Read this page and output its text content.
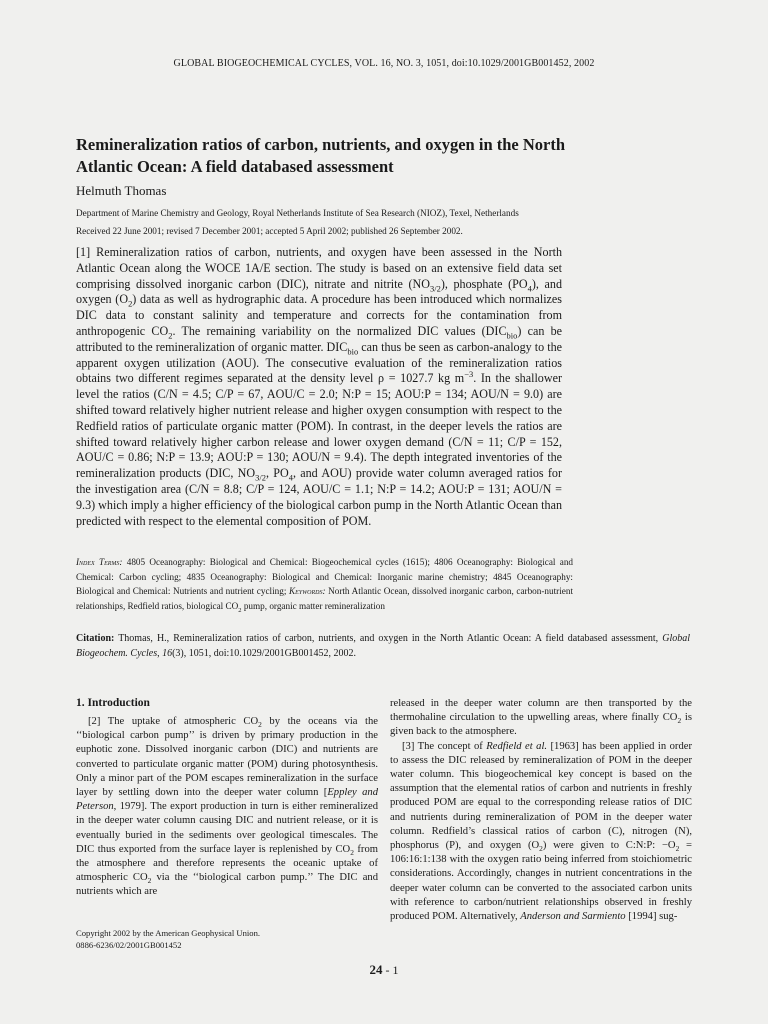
GLOBAL BIOGEOCHEMICAL CYCLES, VOL. 16, NO. 3, 1051, doi:10.1029/2001GB001452, 2002
Remineralization ratios of carbon, nutrients, and oxygen in the North Atlantic Ocean: A field databased assessment

Helmuth Thomas

Department of Marine Chemistry and Geology, Royal Netherlands Institute of Sea Research (NIOZ), Texel, Netherlands

Received 22 June 2001; revised 7 December 2001; accepted 5 April 2002; published 26 September 2002.

[1] Remineralization ratios of carbon, nutrients, and oxygen have been assessed in the North Atlantic Ocean along the WOCE 1A/E section. The study is based on an extensive field data set comprising dissolved inorganic carbon (DIC), nitrate and nitrite $(NO_{3/2})$, phosphate $(PO_4)$, and oxygen $(O_2)$ data as well as hydrographic data. A procedure has been introduced which normalizes DIC data to constant salinity and temperature and corrects for the contamination from anthropogenic $CO_2$. The remaining variability on the normalized DIC values $(DIC_{bio})$ can be attributed to the remineralization of organic matter. $DIC_{bio}$ can thus be seen as carbon-analogy to the apparent oxygen utilization (AOU). The consecutive evaluation of the remineralization ratios obtains two different regimes separated at the density level ρ = 1027.7 kg $m^{-3}$. In the shallower level the ratios (C/N = 4.5; C/P = 67, AOU/C = 2.0; N:P = 15; AOU:P = 134; AOU/N = 9.0) are shifted toward relatively higher nutrient release and higher oxygen consumption with respect to the Redfield ratios of particulate organic matter (POM). In contrast, in the deeper levels the ratios are shifted toward relatively higher carbon release and lower oxygen demand (C/N = 11; C/P = 152, AOU/C = 0.86; N:P = 13.9; AOU:P = 130; AOU/N = 9.4). The depth integrated inventories of the remineralization products (DIC, $NO_{3/2}$, $PO_4$, and AOU) provide water column averaged ratios for the investigation area (C/N = 8.8; C/P = 124, AOU/C = 1.1; N:P = 14.2; AOU:P = 131; AOU/N = 9.3) which imply a higher efficiency of the biological carbon pump in the North Atlantic Ocean than predicted with respect to the elemental composition of POM.

Index Terms: 4805 Oceanography: Biological and Chemical: Biogeochemical cycles (1615); 4806 Oceanography: Biological and Chemical: Carbon cycling; 4835 Oceanography: Biological and Chemical: Inorganic marine chemistry; 4845 Oceanography: Biological and Chemical: Nutrients and nutrient cycling; Keywords: North Atlantic Ocean, dissolved inorganic carbon, carbon-nutrient relationships, Redfield ratios, biological $CO_2$ pump, organic matter remineralization

Citation: Thomas, H., Remineralization ratios of carbon, nutrients, and oxygen in the North Atlantic Ocean: A field databased assessment, Global Biogeochem. Cycles, 16(3), 1051, doi:10.1029/2001GB001452, 2002.

1. Introduction

[2] The uptake of atmospheric $CO_2$ by the oceans via the ‘‘biological carbon pump’’ is driven by primary production in the euphotic zone. Dissolved inorganic carbon (DIC) and nutrients are converted to particulate organic matter (POM) during photosynthesis. Only a minor part of the POM escapes remineralization in the surface layer by settling down into the deeper water column [Eppley and Peterson, 1979]. The export production in turn is either remineralized in the deeper water column causing DIC and nutrient release, or it is eventually buried in the sediments over geological timescales. The DIC thus exported from the surface layer is replenished by $CO_2$ from the atmosphere and therefore represents the oceanic uptake of atmospheric $CO_2$ via the ‘‘biological carbon pump.’’ The DIC and nutrients which are

released in the deeper water column are then transported by the thermohaline circulation to the upwelling areas, where finally $CO_2$ is given back to the atmosphere.

[3] The concept of Redfield et al. [1963] has been applied in order to assess the DIC released by remineralization of POM in the deeper water column. This biogeochemical key concept is based on the assumption that the elemental ratios of carbon and nutrients in freshly produced POM are equal to the corresponding release ratios of DIC and nutrients during remineralization of POM in the deeper water column. Redfield’s classical ratios of carbon (C), nitrogen (N), phosphorus (P), and oxygen $(O_2)$ were given to C:N:P: $-O_2$ = 106:16:1:138 with the oxygen ratio being inferred from stoichiometric considerations. Accordingly, changes in nutrient concentrations in the deeper water column can be converted to the associated carbon units with reference to carbon/nutrient relationships observed in freshly produced POM. Alternatively, Anderson and Sarmiento [1994] sug-

Copyright 2002 by the American Geophysical Union.
0886-6236/02/2001GB001452
24 - 1
